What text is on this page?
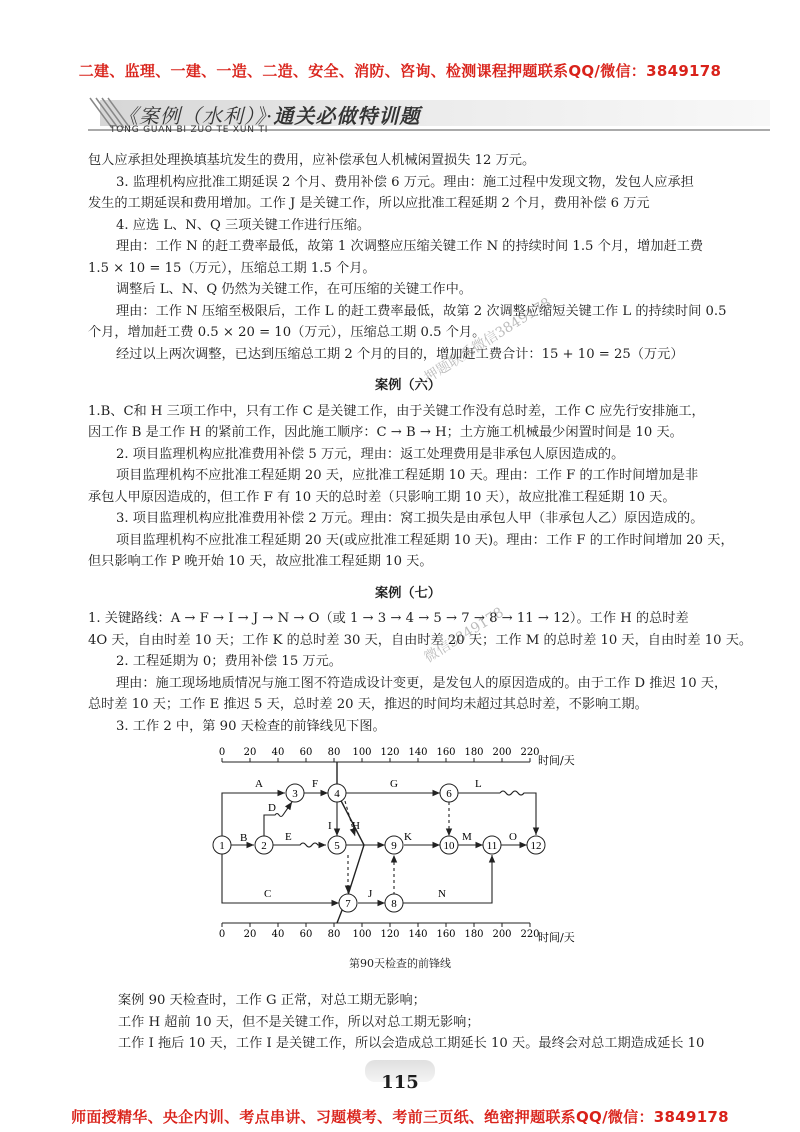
二建、监理、一建、一造、二造、安全、消防、咨询、检测课程押题联系QQ/微信：3849178
《案例（水利）》·通关必做特训题
TONG GUAN BI ZUO TE XUN TI

包人应承担处理换填基坑发生的费用，应补偿承包人机械闲置损失 12 万元。

3. 监理机构应批准工期延误 2 个月、费用补偿 6 万元。理由：施工过程中发现文物，发包人应承担

发生的工期延误和费用增加。工作 J 是关键工作，所以应批准工程延期 2 个月，费用补偿 6 万元

4. 应选 L、N、Q 三项关键工作进行压缩。

理由：工作 N 的赶工费率最低，故第 1 次调整应压缩关键工作 N 的持续时间 1.5 个月，增加赶工费

1.5 × 10 = 15（万元），压缩总工期 1.5 个月。

调整后 L、N、Q 仍然为关键工作，在可压缩的关键工作中。

理由：工作 N 压缩至极限后，工作 L 的赶工费率最低，故第 2 次调整应缩短关键工作 L 的持续时间 0.5

个月，增加赶工费 0.5 × 20 = 10（万元），压缩总工期 0.5 个月。

经过以上两次调整，已达到压缩总工期 2 个月的目的，增加赶工费合计：15 + 10 = 25（万元）

案例（六）

1.B、C和 H 三项工作中，只有工作 C 是关键工作，由于关键工作没有总时差，工作 C 应先行安排施工，

因工作 B 是工作 H 的紧前工作，因此施工顺序：C → B → H；土方施工机械最少闲置时间是 10 天。

2. 项目监理机构应批准费用补偿 5 万元，理由：返工处理费用是非承包人原因造成的。

项目监理机构不应批准工程延期 20 天，应批准工程延期 10 天。理由：工作 F 的工作时间增加是非

承包人甲原因造成的，但工作 F 有 10 天的总时差（只影响工期 10 天），故应批准工程延期 10 天。

3. 项目监理机构应批准费用补偿 2 万元。理由：窝工损失是由承包人甲（非承包人乙）原因造成的。

项目监理机构不应批准工程延期 20 天(或应批准工程延期 10 天)。理由：工作 F 的工作时间增加 20 天，

但只影响工作 P 晚开始 10 天，故应批准工程延期 10 天。

案例（七）

1. 关键路线：A → F → I → J → N → O（或 1 → 3 → 4 → 5 → 7 → 8 → 11 → 12）。工作 H 的总时差

4O 天，自由时差 10 天；工作 K 的总时差 30 天，自由时差 20 天；工作 M 的总时差 10 天，自由时差 10 天。

2. 工程延期为 0；费用补偿 15 万元。

理由：施工现场地质情况与施工图不符造成设计变更，是发包人的原因造成的。由于工作 D 推迟 10 天，

总时差 10 天；工作 E 推迟 5 天，总时差 20 天，推迟的时间均未超过其总时差，不影响工期。

3. 工作 2 中，第 90 天检查的前锋线见下图。

0 20 40 60 80 100 120 140 160 180 200 220
时间/天
0 20 40 60 80 100 120 140 160 180 200 220
时间/天
1	2
3	4
5
6
7	8
9	10	11	12
A
B
C
D
E
F	G
H
I
J
K
L
M
N
O
第90天检查的前锋线

案例 90 天检查时，工作 G 正常，对总工期无影响；

工作 H 超前 10 天，但不是关键工作，所以对总工期无影响；

工作 I 拖后 10 天，工作 I 是关键工作，所以会造成总工期延长 10 天。最终会对总工期造成延长 10

115
押题联系微信3849178
微信3849178
师面授精华、央企内训、考点串讲、习题模考、考前三页纸、绝密押题联系QQ/微信：3849178
